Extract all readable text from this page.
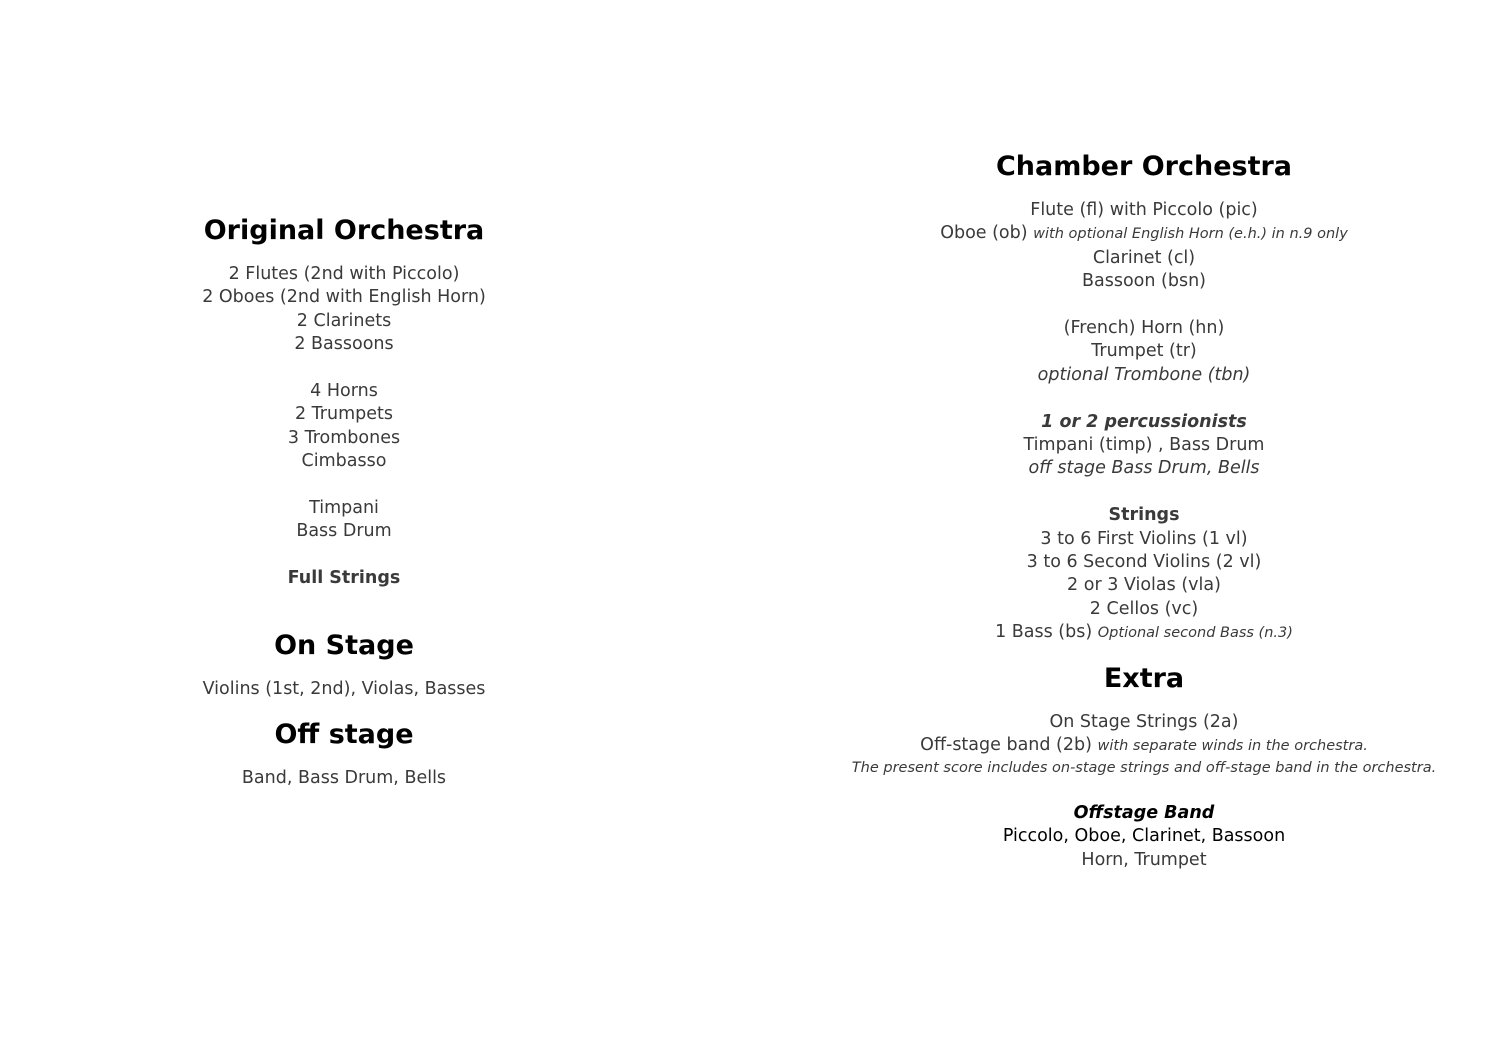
Original Orchestra
2 Flutes (2nd with Piccolo)
2 Oboes (2nd with English Horn)
2 Clarinets
2 Bassoons
4 Horns
2 Trumpets
3 Trombones
Cimbasso
Timpani
Bass Drum
Full Strings
On Stage
Violins (1st, 2nd), Violas, Basses
Off stage
Band, Bass Drum, Bells
Chamber Orchestra
Flute (fl) with Piccolo (pic)
Oboe (ob) with optional English Horn (e.h.) in n.9 only
Clarinet (cl)
Bassoon (bsn)
(French) Horn (hn)
Trumpet (tr)
optional Trombone (tbn)
1 or 2 percussionists
Timpani (timp) , Bass Drum
off stage Bass Drum, Bells
Strings
3 to 6 First Violins (1 vl)
3 to 6 Second Violins (2 vl)
2 or 3 Violas (vla)
2 Cellos (vc)
1 Bass (bs) Optional second Bass (n.3)
Extra
On Stage Strings (2a)
Off-stage band (2b) with separate winds in the orchestra.
The present score includes on-stage strings and off-stage band in the orchestra.
Offstage Band
Piccolo, Oboe, Clarinet, Bassoon
Horn, Trumpet
